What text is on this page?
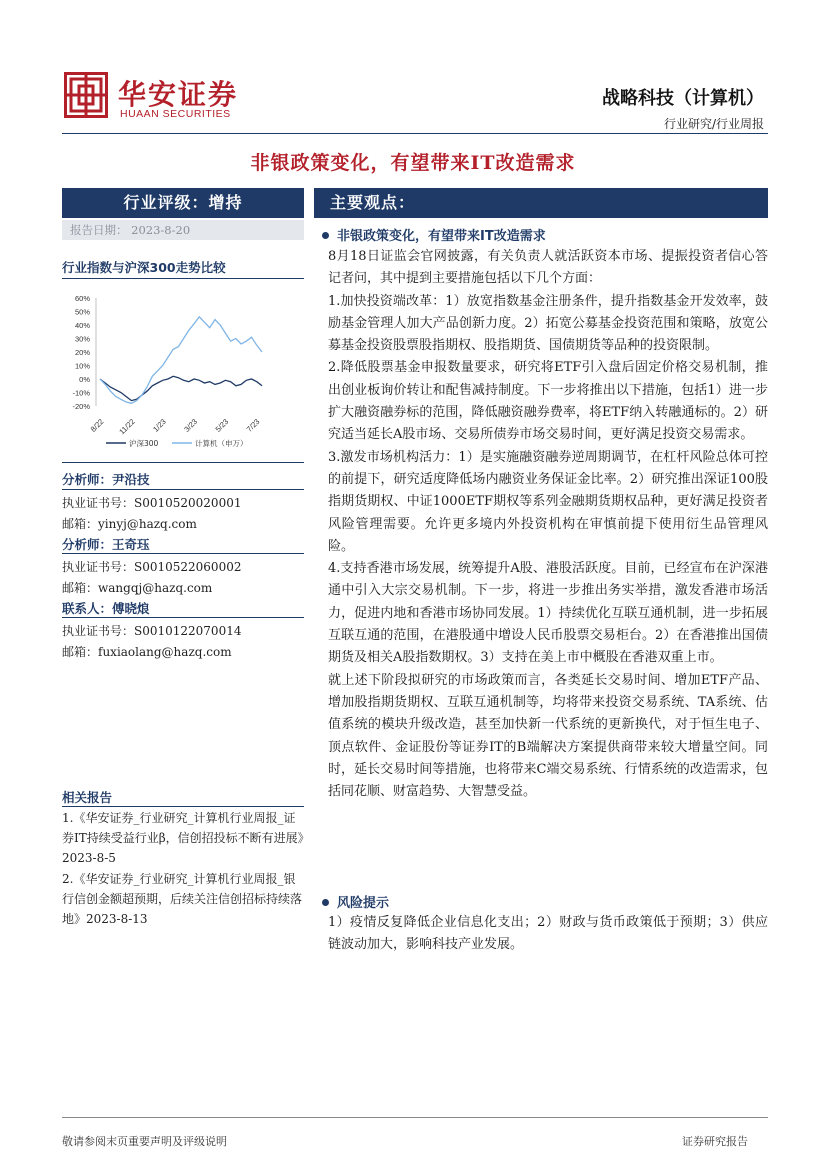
华安证券
HUAAN SECURITIES
战略科技（计算机）
行业研究/行业周报
非银政策变化，有望带来IT改造需求
行业评级：增持
报告日期： 2023-8-20
行业指数与沪深300走势比较
60%
50%
40%
30%
20%
10%
0%
-10%
-20%
8/22 11/22 1/23 3/23 5/23 7/23
沪深300	计算机（申万）
分析师：尹沿技
执业证书号：S0010520020001
邮箱：yinyj@hazq.com
分析师：王奇珏
执业证书号：S0010522060002
邮箱：wangqj@hazq.com
联系人：傅晓烺
执业证书号：S0010122070014
邮箱：fuxiaolang@hazq.com
相关报告

1.《华安证券_行业研究_计算机行业周报_证券IT持续受益行业β，信创招投标不断有进展》2023-8-5

2.《华安证券_行业研究_计算机行业周报_银行信创金额超预期，后续关注信创招标持续落地》2023-8-13

主要观点：
非银政策变化，有望带来IT改造需求

8月18日证监会官网披露，有关负责人就活跃资本市场、提振投资者信心答记者问，其中提到主要措施包括以下几个方面：

1.加快投资端改革：1）放宽指数基金注册条件，提升指数基金开发效率，鼓励基金管理人加大产品创新力度。2）拓宽公募基金投资范围和策略，放宽公募基金投资股票股指期权、股指期货、国债期货等品种的投资限制。

2.降低股票基金申报数量要求，研究将ETF引入盘后固定价格交易机制，推出创业板询价转让和配售减持制度。下一步将推出以下措施，包括1）进一步扩大融资融券标的范围，降低融资融券费率，将ETF纳入转融通标的。2）研究适当延长A股市场、交易所债券市场交易时间，更好满足投资交易需求。

3.激发市场机构活力：1）是实施融资融券逆周期调节，在杠杆风险总体可控的前提下，研究适度降低场内融资业务保证金比率。2）研究推出深证100股指期货期权、中证1000ETF期权等系列金融期货期权品种，更好满足投资者风险管理需要。允许更多境内外投资机构在审慎前提下使用衍生品管理风险。

4.支持香港市场发展，统筹提升A股、港股活跃度。目前，已经宣布在沪深港通中引入大宗交易机制。下一步，将进一步推出务实举措，激发香港市场活力，促进内地和香港市场协同发展。1）持续优化互联互通机制，进一步拓展互联互通的范围，在港股通中增设人民币股票交易柜台。2）在香港推出国债期货及相关A股指数期权。3）支持在美上市中概股在香港双重上市。

就上述下阶段拟研究的市场政策而言，各类延长交易时间、增加ETF产品、增加股指期货期权、互联互通机制等，均将带来投资交易系统、TA系统、估值系统的模块升级改造，甚至加快新一代系统的更新换代，对于恒生电子、顶点软件、金证股份等证券IT的B端解决方案提供商带来较大增量空间。同时，延长交易时间等措施，也将带来C端交易系统、行情系统的改造需求，包括同花顺、财富趋势、大智慧受益。

风险提示

1）疫情反复降低企业信息化支出；2）财政与货币政策低于预期；3）供应链波动加大，影响科技产业发展。

敬请参阅末页重要声明及评级说明	证券研究报告
